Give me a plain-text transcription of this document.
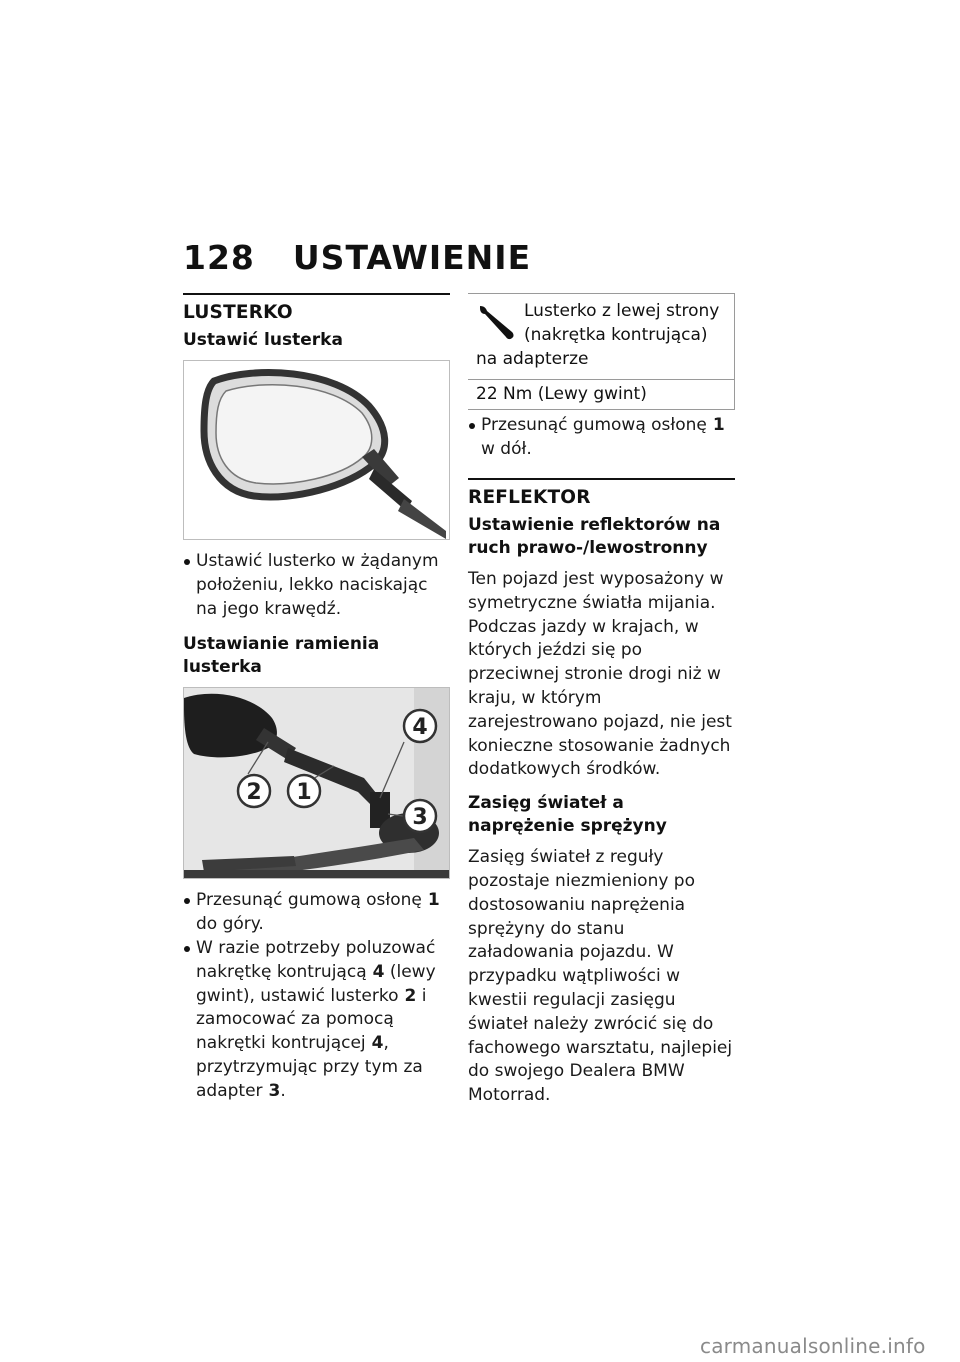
128 USTAWIENIE
LUSTERKO
Ustawić lusterka
Ustawić lusterko w żądanym położeniu, lekko naciskając na jego krawędź.
Ustawianie ramienia lusterka
4
2 1
3
Przesunąć gumową osłonę 1
do góry.
W razie potrzeby poluzować nakrętkę kontrującą 4 (lewy gwint), ustawić lusterko 2 i zamocować za pomocą nakrętki kontrującej 4, przytrzymując przy tym za adapter 3.
Lusterko z lewej strony (nakrętka kontrująca) na adapterze
22 Nm (Lewy gwint)
Przesunąć gumową osłonę 1
w dół.
REFLEKTOR
Ustawienie reflektorów na ruch prawo-/lewostronny
Ten pojazd jest wyposażony w symetryczne światła mijania. Podczas jazdy w krajach, w których jeździ się po przeciwnej stronie drogi niż w kraju, w którym zarejestrowano pojazd, nie jest konieczne stosowanie żadnych dodatkowych środków.
Zasięg świateł a naprężenie sprężyny
Zasięg świateł z reguły pozostaje niezmieniony po dostosowaniu naprężenia sprężyny do stanu załadowania pojazdu. W przypadku wątpliwości w kwestii regulacji zasięgu świateł należy zwrócić się do fachowego warsztatu, najlepiej do swojego Dealera BMW Motorrad.
carmanualsonline.info
